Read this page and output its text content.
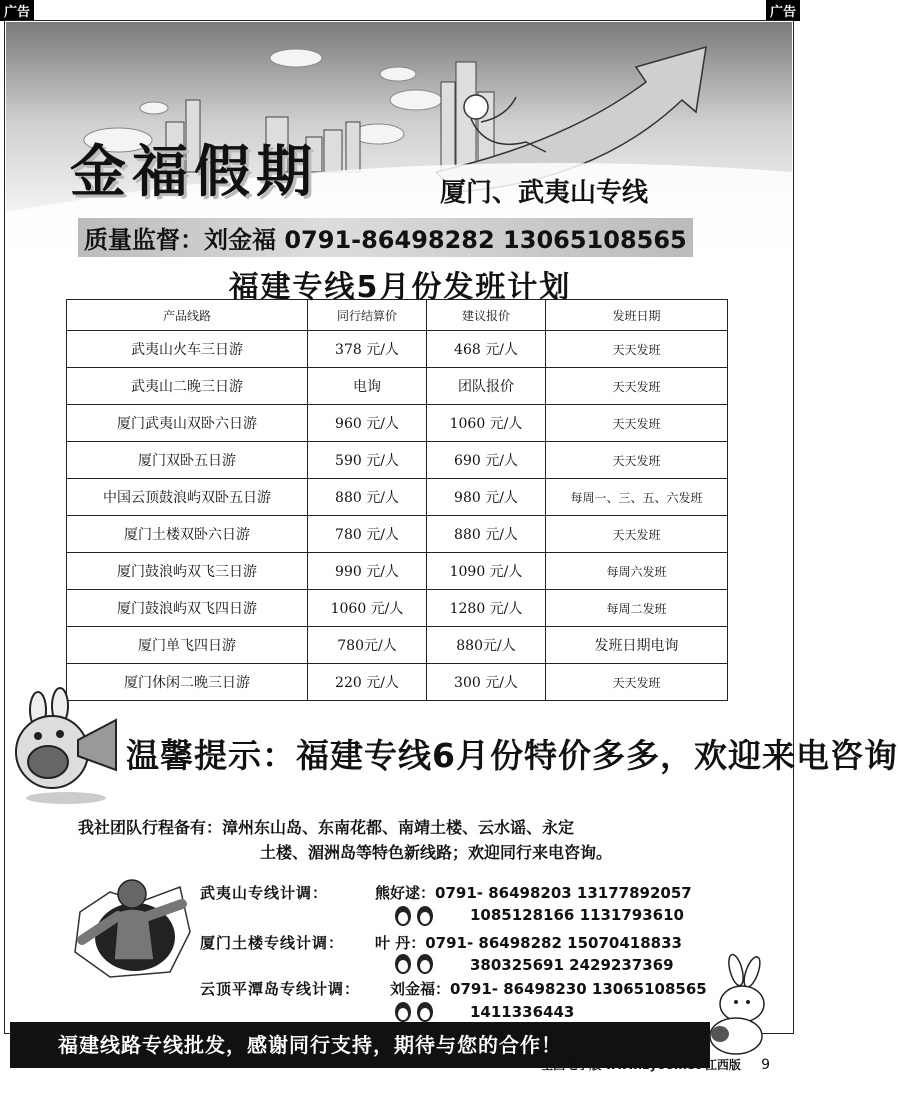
广告	广告
金福假期	厦门、武夷山专线
质量监督：刘金福 0791-86498282 13065108565
福建专线5月份发班计划
产品线路	同行结算价	建议报价	发班日期
武夷山火车三日游	378 元/人	468 元/人	天天发班
武夷山二晚三日游	电询	团队报价	天天发班
厦门武夷山双卧六日游	960 元/人	1060 元/人	天天发班
厦门双卧五日游	590 元/人	690 元/人	天天发班
中国云顶鼓浪屿双卧五日游	880 元/人	980 元/人	每周一、三、五、六发班
厦门土楼双卧六日游	780 元/人	880 元/人	天天发班
厦门鼓浪屿双飞三日游	990 元/人	1090 元/人	每周六发班
厦门鼓浪屿双飞四日游	1060 元/人	1280 元/人	每周二发班
厦门单飞四日游	780元/人	880元/人	发班日期电询
厦门休闲二晚三日游	220 元/人	300 元/人	天天发班
温馨提示：福建专线6月份特价多多，欢迎来电咨询
我社团队行程备有：漳州东山岛、东南花都、南靖土楼、云水谣、永定
土楼、湄洲岛等特色新线路；欢迎同行来电咨询。
武夷山专线计调：	熊好逑：0791- 86498203 13177892057
1085128166 1131793610
厦门土楼专线计调： 叶 丹：0791- 86498282 15070418833
380325691 2429237369
云顶平潭岛专线计调： 刘金福：0791- 86498230 13065108565
1411336443
福建线路专线批发，感谢同行支持，期待与您的合作！
全国电子版 www.zyoo.net 江西版 9
